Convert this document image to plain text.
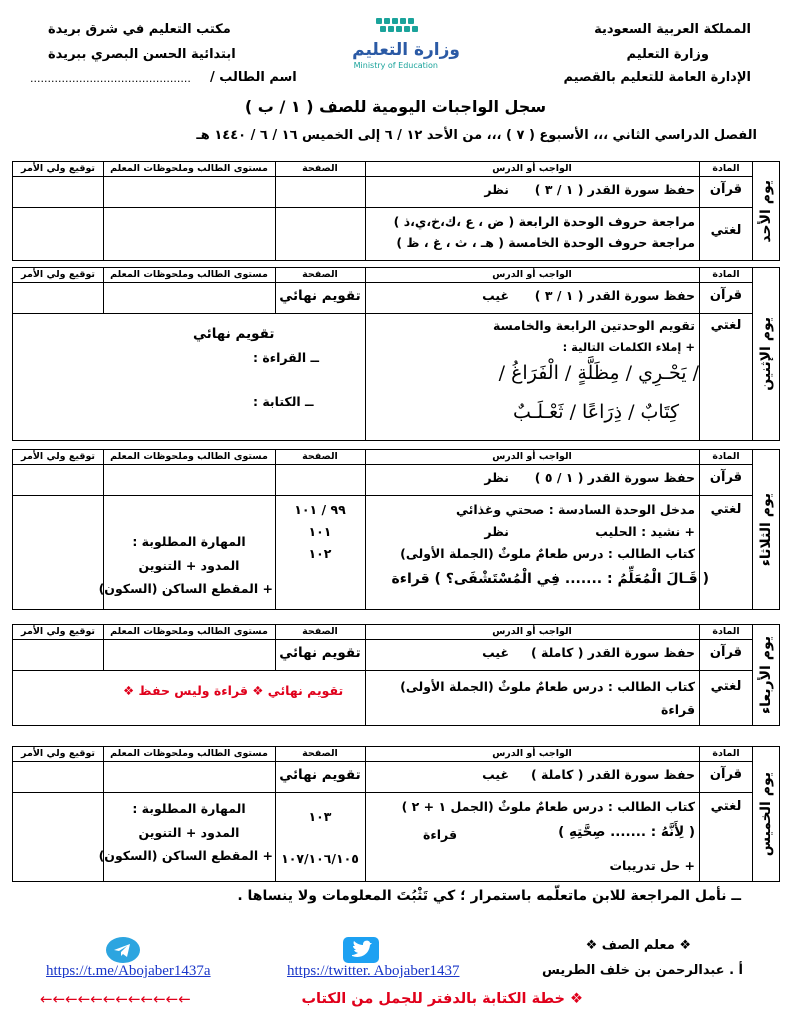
المملكة العربية السعودية
وزارة التعليم
الإدارة العامة للتعليم بالقصيم
وزارة التعليم
Ministry of Education
مكتب التعليم في شرق بريدة
ابتدائية الحسن البصري ببريدة
اسم الطالب /
..............................................
سجل الواجبات اليومية للصف ( ١ / ب )
الفصل الدراسي الثاني ،،، الأسبوع ( ٧ ) ،،، من الأحد ١٢ / ٦ إلى الخميس ١٦ / ٦ / ١٤٤٠ هـ
يوم الأحد
المادة
الواجب أو الدرس
الصفحة
مستوى الطالب وملحوظات المعلم
توقيع ولي الأمر
قرآن
حفظ سورة القدر ( ١ / ٣ )
نظر
لغتي
مراجعة حروف الوحدة الرابعة ( ض ، ع ،ك،خ،ي،ذ )
مراجعة حروف الوحدة الخامسة ( هـ ، ث ، غ ، ظ )
يوم الإثنين
المادة
الواجب أو الدرس
الصفحة
مستوى الطالب وملحوظات المعلم
توقيع ولي الأمر
قرآن
حفظ سورة القدر ( ١ / ٣ )
غيب
تقويم نهائي
لغتي
تقويم الوحدتين الرابعة والخامسة
+ إملاء الكلمات التالية :
/ يَحْـرِي / مِظَلَّةٍ / الْفَرَاغُ /
كِتَابٌ / ذِرَاعًا / ثَعْـلَـبٌ
تقويم نهائي
ــ القراءة :
ــ الكتابة :
يوم الثلاثاء
المادة
الواجب أو الدرس
الصفحة
مستوى الطالب وملحوظات المعلم
توقيع ولي الأمر
قرآن
حفظ سورة القدر ( ١ / ٥ )
نظر
لغتي
مدخل الوحدة السادسة : صحتي وغذائي
+ نشيد : الحليب
نظر
كتاب الطالب : درس طعامٌ ملوثٌ (الجملة الأولى)
( قَـالَ الْمُعَلِّمُ : ....... فِي الْمُسْتَشْفَى؟ ) قراءة
٩٩ / ١٠١
١٠١
١٠٢
المهارة المطلوبة :
المدود + التنوين
+ المقطع الساكن (السكون)
يوم الأربعاء
المادة
الواجب أو الدرس
الصفحة
مستوى الطالب وملحوظات المعلم
توقيع ولي الأمر
قرآن
حفظ سورة القدر ( كاملة )
غيب
تقويم نهائي
لغتي
كتاب الطالب : درس طعامٌ ملوثٌ (الجملة الأولى)
قراءة
تقويم نهائي ❖ قراءة وليس حفظ ❖
يوم الخميس
المادة
الواجب أو الدرس
الصفحة
مستوى الطالب وملحوظات المعلم
توقيع ولي الأمر
قرآن
حفظ سورة القدر ( كاملة )
غيب
تقويم نهائي
لغتي
كتاب الطالب : درس طعامٌ ملوثٌ (الجمل ١ + ٢ )
( لِأَنَّهُ : ....... صِحَّتِهِ )
قراءة
+ حل تدريبات
١٠٣
١٠٧/١٠٦/١٠٥
المهارة المطلوبة :
المدود + التنوين
+ المقطع الساكن (السكون)
ــ نأمل المراجعة للابن ماتعلّمه باستمرار ؛ كي تَثْبُتَ المعلومات ولا ينساها .
❖ معلم الصف ❖
أ . عبدالرحمن بن خلف الطريس
https://twitter. Abojaber1437
https://t.me/Abojaber1437a
❖ خطة الكتابة بالدفتر للجمل من الكتاب
←←←←←←←←←←←←
